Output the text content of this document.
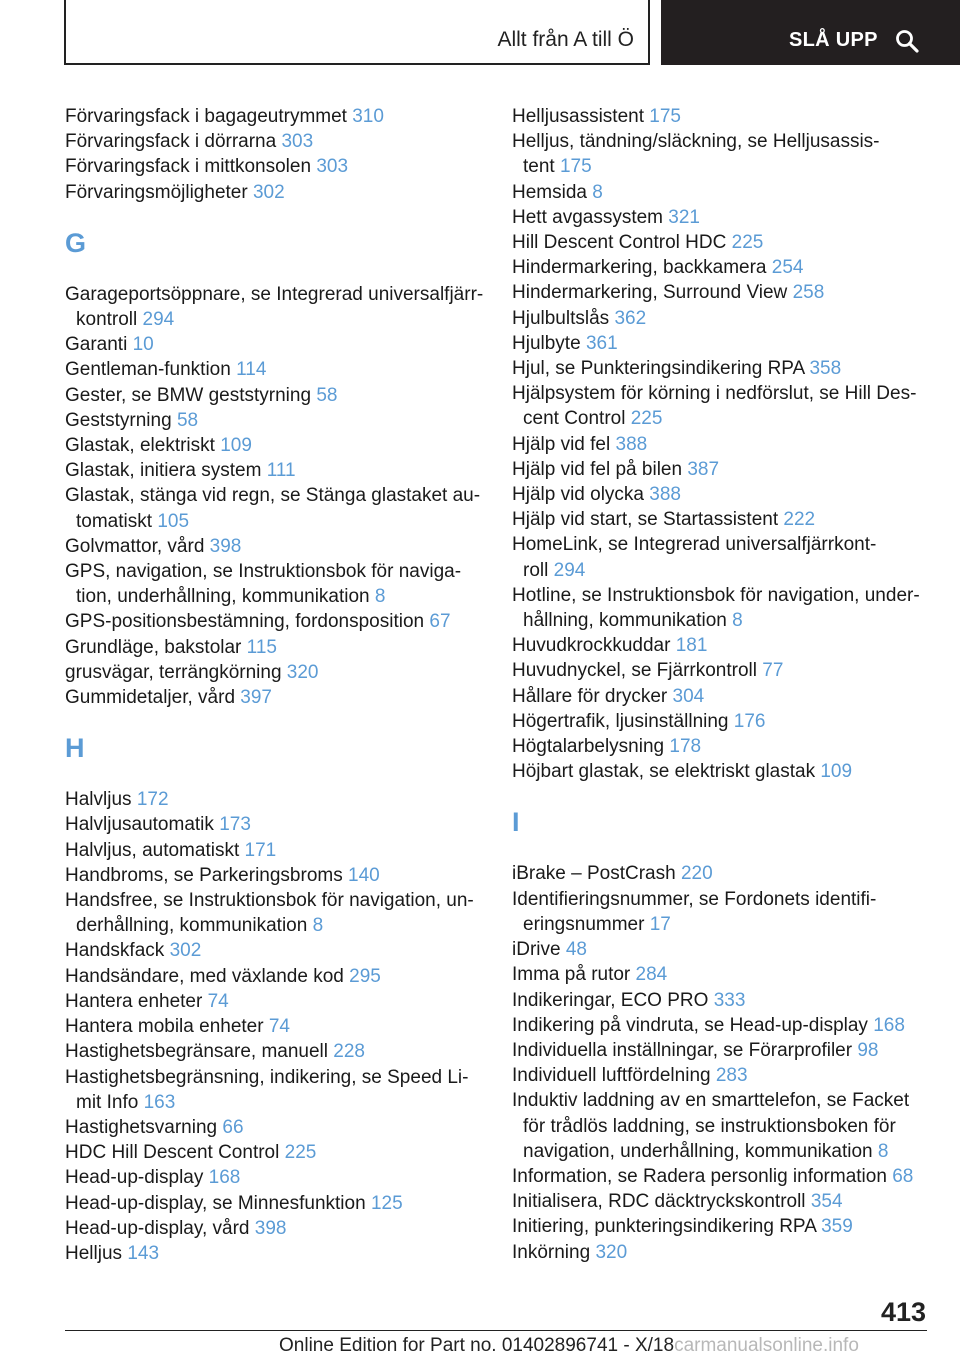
Allt från A till Ö	SLÅ UPP
Förvaringsfack i bagageutrymmet 310
Förvaringsfack i dörrarna 303
Förvaringsfack i mittkonsolen 303
Förvaringsmöjligheter 302
G
Garageportsöppnare, se Integrerad universalfjärr-
kontroll 294
Garanti 10
Gentleman-funktion 114
Gester, se BMW geststyrning 58
Geststyrning 58
Glastak, elektriskt 109
Glastak, initiera system 111
Glastak, stänga vid regn, se Stänga glastaket au-
tomatiskt 105
Golvmattor, vård 398
GPS, navigation, se Instruktionsbok för naviga-
tion, underhållning, kommunikation 8
GPS-positionsbestämning, fordonsposition 67
Grundläge, bakstolar 115
grusvägar, terrängkörning 320
Gummidetaljer, vård 397
H
Halvljus 172
Halvljusautomatik 173
Halvljus, automatiskt 171
Handbroms, se Parkeringsbroms 140
Handsfree, se Instruktionsbok för navigation, un-
derhållning, kommunikation 8
Handskfack 302
Handsändare, med växlande kod 295
Hantera enheter 74
Hantera mobila enheter 74
Hastighetsbegränsare, manuell 228
Hastighetsbegränsning, indikering, se Speed Li-
mit Info 163
Hastighetsvarning 66
HDC Hill Descent Control 225
Head-up-display 168
Head-up-display, se Minnesfunktion 125
Head-up-display, vård 398
Helljus 143
Helljusassistent 175
Helljus, tändning/släckning, se Helljusassis-
tent 175
Hemsida 8
Hett avgassystem 321
Hill Descent Control HDC 225
Hindermarkering, backkamera 254
Hindermarkering, Surround View 258
Hjulbultslås 362
Hjulbyte 361
Hjul, se Punkteringsindikering RPA 358
Hjälpsystem för körning i nedförslut, se Hill Des-
cent Control 225
Hjälp vid fel 388
Hjälp vid fel på bilen 387
Hjälp vid olycka 388
Hjälp vid start, se Startassistent 222
HomeLink, se Integrerad universalfjärrkont-
roll 294
Hotline, se Instruktionsbok för navigation, under-
hållning, kommunikation 8
Huvudkrockkuddar 181
Huvudnyckel, se Fjärrkontroll 77
Hållare för drycker 304
Högertrafik, ljusinställning 176
Högtalarbelysning 178
Höjbart glastak, se elektriskt glastak 109
I
iBrake – PostCrash 220
Identifieringsnummer, se Fordonets identifi-
eringsnummer 17
iDrive 48
Imma på rutor 284
Indikeringar, ECO PRO 333
Indikering på vindruta, se Head-up-display 168
Individuella inställningar, se Förarprofiler 98
Individuell luftfördelning 283
Induktiv laddning av en smarttelefon, se Facket
för trådlös laddning, se instruktionsboken för
navigation, underhållning, kommunikation 8
Information, se Radera personlig information 68
Initialisera, RDC däcktryckskontroll 354
Initiering, punkteringsindikering RPA 359
Inkörning 320
413
Online Edition for Part no. 01402896741 - X/18carmanualsonline.info
